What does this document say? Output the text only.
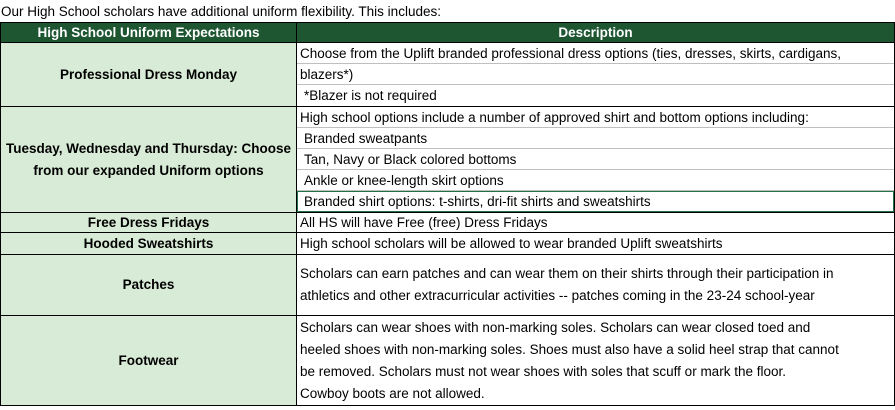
Our High School scholars have additional uniform flexibility. This includes:
High School Uniform Expectations	Description
Professional Dress Monday	Choose from the Uplift branded professional dress options (ties, dresses, skirts, cardigans,
blazers*)
*Blazer is not required

Tuesday, Wednesday and Thursday: Choose from our expanded Uniform options	High school options include a number of approved shirt and bottom options including:
Branded sweatpants
Tan, Navy or Black colored bottoms
Ankle or knee-length skirt options
Branded shirt options: t-shirts, dri-fit shirts and sweatshirts

Free Dress Fridays	All HS will have Free (free) Dress Fridays

Hooded Sweatshirts	High school scholars will be allowed to wear branded Uplift sweatshirts

Patches	Scholars can earn patches and can wear them on their shirts through their participation in
athletics and other extracurricular activities -- patches coming in the 23-24 school-year

Footwear	Scholars can wear shoes with non-marking soles. Scholars can wear closed toed and
heeled shoes with non-marking soles. Shoes must also have a solid heel strap that cannot
be removed. Scholars must not wear shoes with soles that scuff or mark the floor.
Cowboy boots are not allowed.
